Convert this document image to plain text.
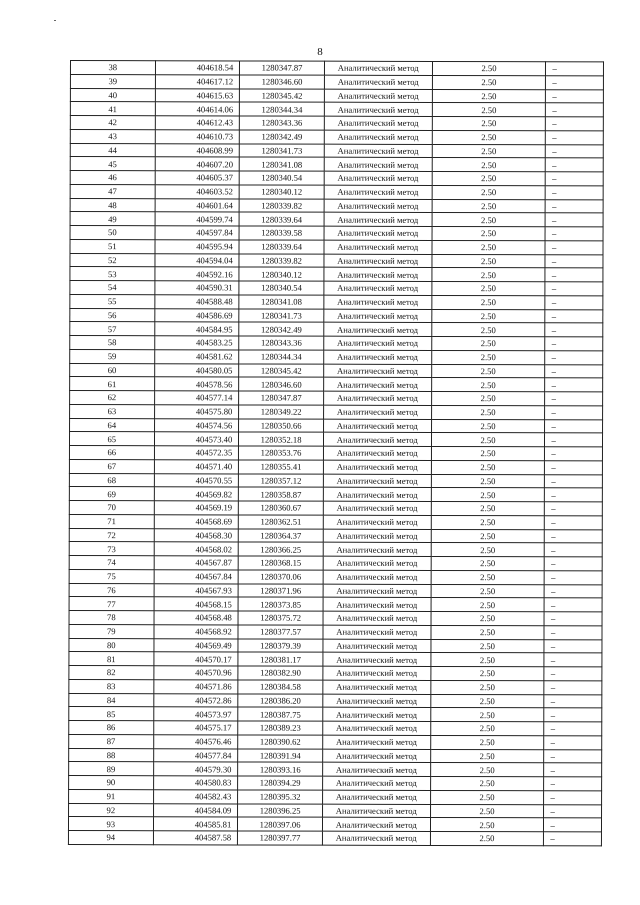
8
38	404618.54	1280347.87	Аналитический метод	2.50	–
39	404617.12	1280346.60	Аналитический метод	2.50	–
40	404615.63	1280345.42	Аналитический метод	2.50	–
41	404614.06	1280344.34	Аналитический метод	2.50	–
42	404612.43	1280343.36	Аналитический метод	2.50	–
43	404610.73	1280342.49	Аналитический метод	2.50	–
44	404608.99	1280341.73	Аналитический метод	2.50	–
45	404607.20	1280341.08	Аналитический метод	2.50	–
46	404605.37	1280340.54	Аналитический метод	2.50	–
47	404603.52	1280340.12	Аналитический метод	2.50	–
48	404601.64	1280339.82	Аналитический метод	2.50	–
49	404599.74	1280339.64	Аналитический метод	2.50	–
50	404597.84	1280339.58	Аналитический метод	2.50	–
51	404595.94	1280339.64	Аналитический метод	2.50	–
52	404594.04	1280339.82	Аналитический метод	2.50	–
53	404592.16	1280340.12	Аналитический метод	2.50	–
54	404590.31	1280340.54	Аналитический метод	2.50	–
55	404588.48	1280341.08	Аналитический метод	2.50	–
56	404586.69	1280341.73	Аналитический метод	2.50	–
57	404584.95	1280342.49	Аналитический метод	2.50	–
58	404583.25	1280343.36	Аналитический метод	2.50	–
59	404581.62	1280344.34	Аналитический метод	2.50	–
60	404580.05	1280345.42	Аналитический метод	2.50	–
61	404578.56	1280346.60	Аналитический метод	2.50	–
62	404577.14	1280347.87	Аналитический метод	2.50	–
63	404575.80	1280349.22	Аналитический метод	2.50	–
64	404574.56	1280350.66	Аналитический метод	2.50	–
65	404573.40	1280352.18	Аналитический метод	2.50	–
66	404572.35	1280353.76	Аналитический метод	2.50	–
67	404571.40	1280355.41	Аналитический метод	2.50	–
68	404570.55	1280357.12	Аналитический метод	2.50	–
69	404569.82	1280358.87	Аналитический метод	2.50	–
70	404569.19	1280360.67	Аналитический метод	2.50	–
71	404568.69	1280362.51	Аналитический метод	2.50	–
72	404568.30	1280364.37	Аналитический метод	2.50	–
73	404568.02	1280366.25	Аналитический метод	2.50	–
74	404567.87	1280368.15	Аналитический метод	2.50	–
75	404567.84	1280370.06	Аналитический метод	2.50	–
76	404567.93	1280371.96	Аналитический метод	2.50	–
77	404568.15	1280373.85	Аналитический метод	2.50	–
78	404568.48	1280375.72	Аналитический метод	2.50	–
79	404568.92	1280377.57	Аналитический метод	2.50	–
80	404569.49	1280379.39	Аналитический метод	2.50	–
81	404570.17	1280381.17	Аналитический метод	2.50	–
82	404570.96	1280382.90	Аналитический метод	2.50	–
83	404571.86	1280384.58	Аналитический метод	2.50	–
84	404572.86	1280386.20	Аналитический метод	2.50	–
85	404573.97	1280387.75	Аналитический метод	2.50	–
86	404575.17	1280389.23	Аналитический метод	2.50	–
87	404576.46	1280390.62	Аналитический метод	2.50	–
88	404577.84	1280391.94	Аналитический метод	2.50	–
89	404579.30	1280393.16	Аналитический метод	2.50	–
90	404580.83	1280394.29	Аналитический метод	2.50	–
91	404582.43	1280395.32	Аналитический метод	2.50	–
92	404584.09	1280396.25	Аналитический метод	2.50	–
93	404585.81	1280397.06	Аналитический метод	2.50	–
94	404587.58	1280397.77	Аналитический метод	2.50	–
